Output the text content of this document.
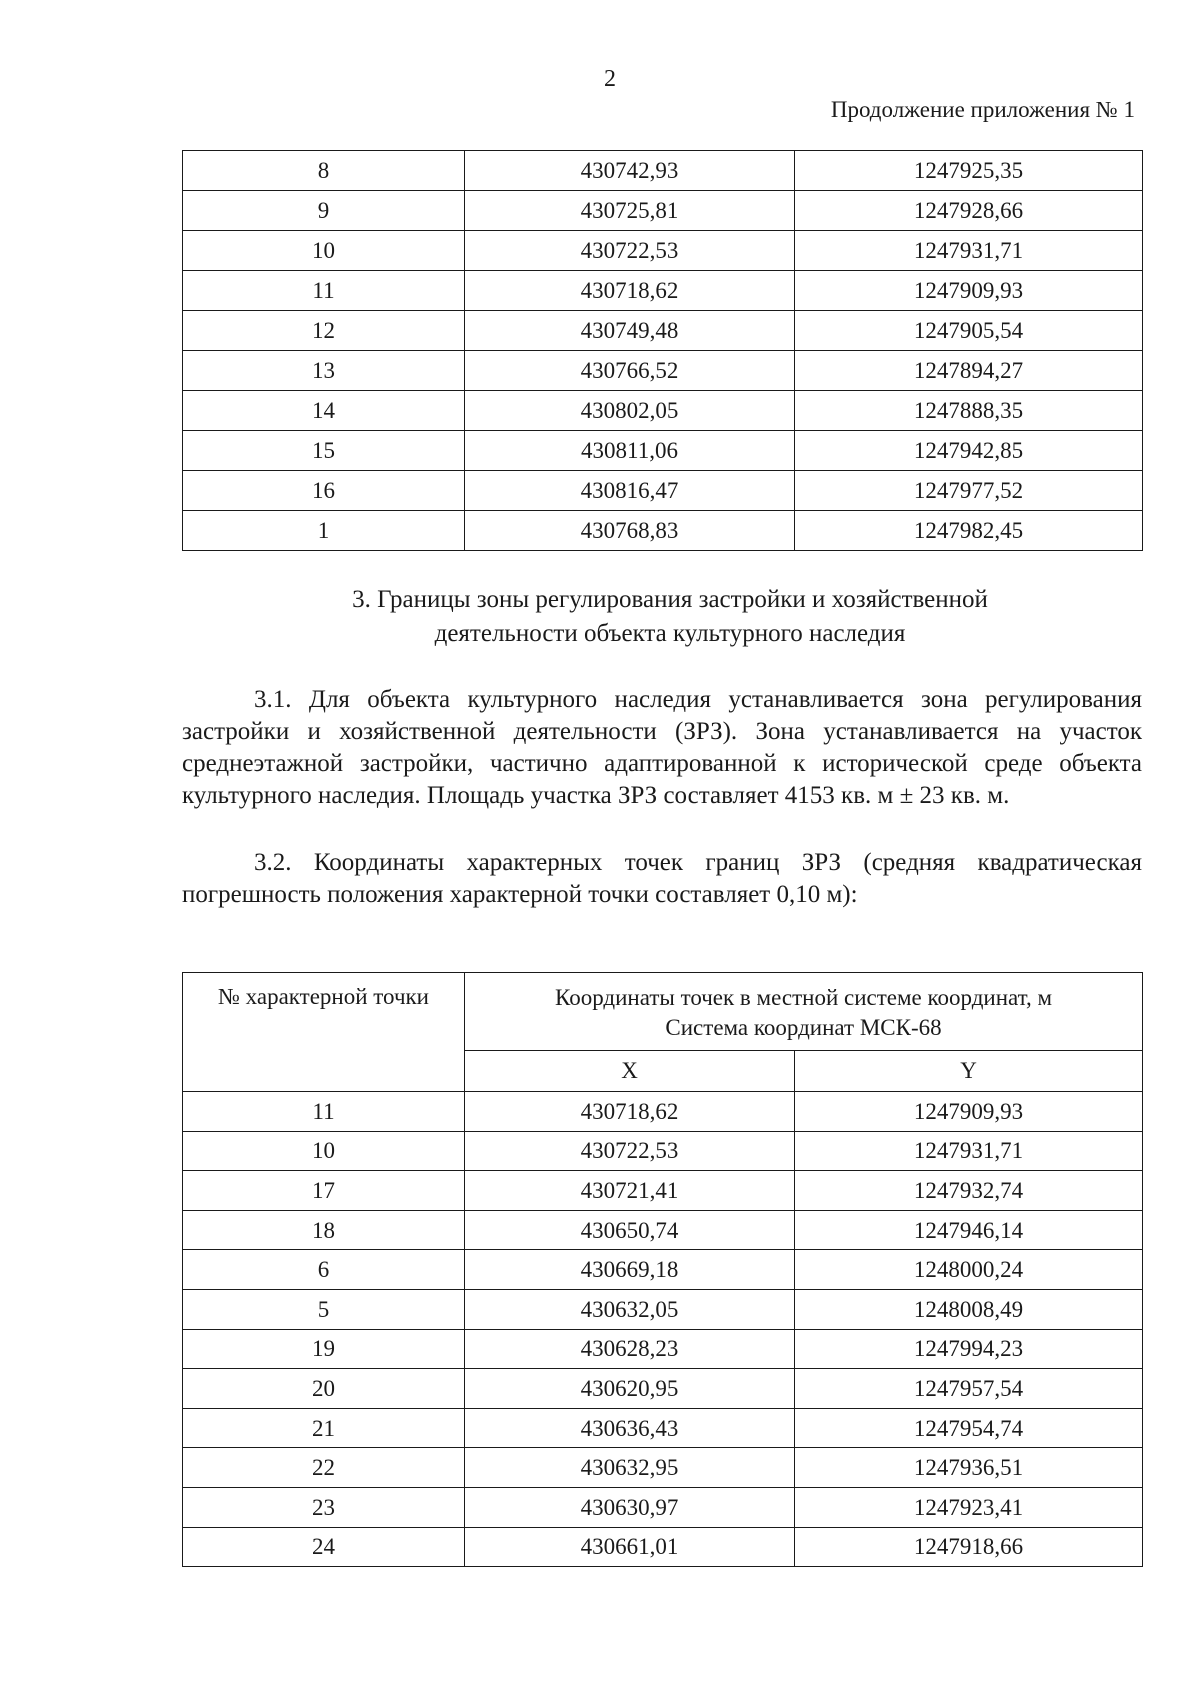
2
Продолжение приложения № 1
8	430742,93	1247925,35
9	430725,81	1247928,66
10	430722,53	1247931,71
11	430718,62	1247909,93
12	430749,48	1247905,54
13	430766,52	1247894,27
14	430802,05	1247888,35
15	430811,06	1247942,85
16	430816,47	1247977,52
1	430768,83	1247982,45
3. Границы зоны регулирования застройки и хозяйственной
деятельности объекта культурного наследия
3.1. Для объекта культурного наследия устанавливается зона регулирования застройки и хозяйственной деятельности (ЗРЗ). Зона устанавливается на участок среднеэтажной застройки, частично адаптированной к исторической среде объекта культурного наследия. Площадь участка ЗРЗ составляет 4153 кв. м ± 23 кв. м.
3.2. Координаты характерных точек границ ЗРЗ (средняя квадратическая погрешность положения характерной точки составляет 0,10 м):
№ характерной точки	Координаты точек в местной системе координат, м
Система координат МСК-68	

	X	Y
11	430718,62	1247909,93
10	430722,53	1247931,71
17	430721,41	1247932,74
18	430650,74	1247946,14
6	430669,18	1248000,24
5	430632,05	1248008,49
19	430628,23	1247994,23
20	430620,95	1247957,54
21	430636,43	1247954,74
22	430632,95	1247936,51
23	430630,97	1247923,41
24	430661,01	1247918,66
